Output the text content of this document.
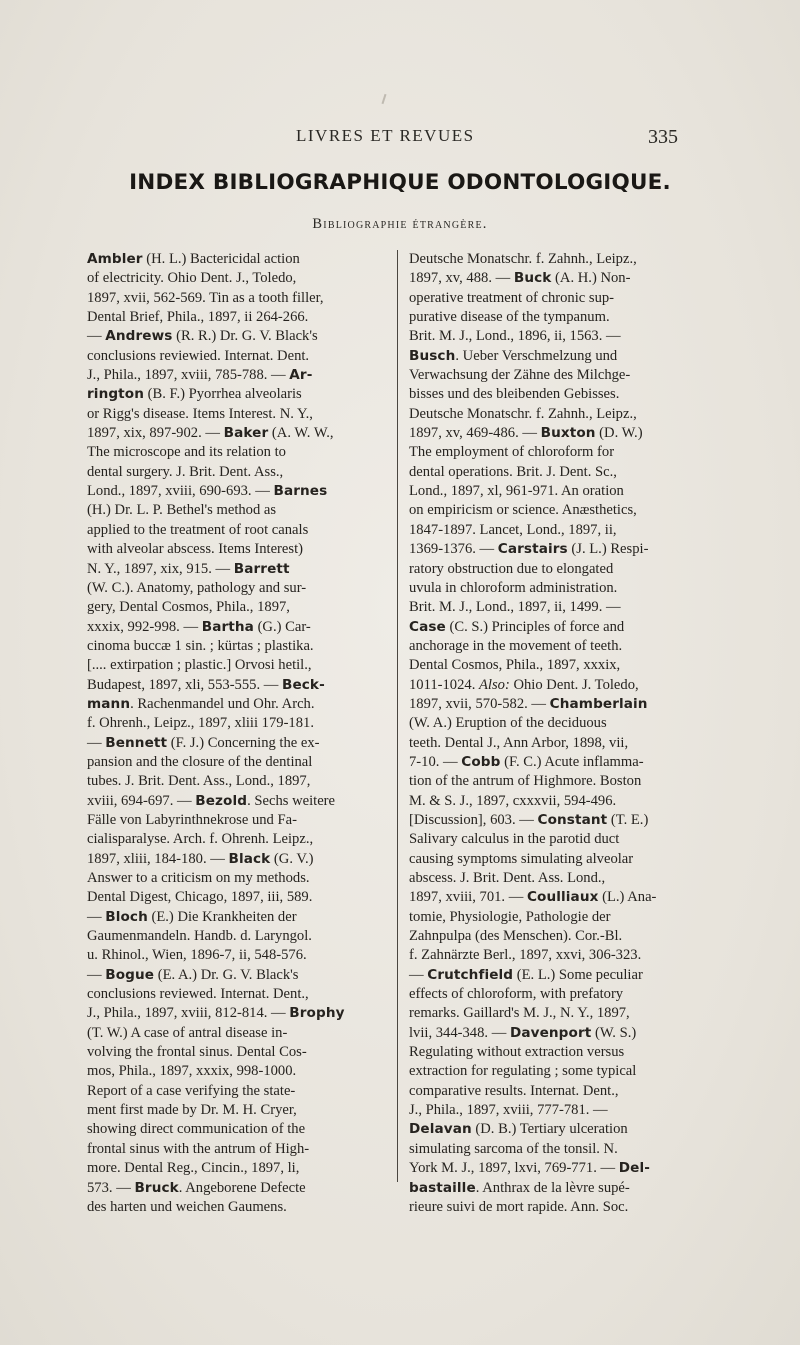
LIVRES ET REVUES	335
INDEX BIBLIOGRAPHIQUE ODONTOLOGIQUE.
Bibliographie étrangère.
Ambler (H. L.) Bactericidal action
of electricity. Ohio Dent. J., Toledo,
1897, xvii, 562-569. Tin as a tooth filler,
Dental Brief, Phila., 1897, ii 264-266.
— Andrews (R. R.) Dr. G. V. Black's
conclusions reviewied. Internat. Dent.
J., Phila., 1897, xviii, 785-788. — Ar-
rington (B. F.) Pyorrhea alveolaris
or Rigg's disease. Items Interest. N. Y.,
1897, xix, 897-902. — Baker (A. W. W.,
The microscope and its relation to
dental surgery. J. Brit. Dent. Ass.,
Lond., 1897, xviii, 690-693. — Barnes
(H.) Dr. L. P. Bethel's method as
applied to the treatment of root canals
with alveolar abscess. Items Interest)
N. Y., 1897, xix, 915. — Barrett
(W. C.). Anatomy, pathology and sur-
gery, Dental Cosmos, Phila., 1897,
xxxix, 992-998. — Bartha (G.) Car-
cinoma buccæ 1 sin. ; kürtas ; plastika.
[.... extirpation ; plastic.] Orvosi hetil.,
Budapest, 1897, xli, 553-555. — Beck-
mann. Rachenmandel und Ohr. Arch.
f. Ohrenh., Leipz., 1897, xliii 179-181.
— Bennett (F. J.) Concerning the ex-
pansion and the closure of the dentinal
tubes. J. Brit. Dent. Ass., Lond., 1897,
xviii, 694-697. — Bezold. Sechs weitere
Fälle von Labyrinthnekrose und Fa-
cialisparalyse. Arch. f. Ohrenh. Leipz.,
1897, xliii, 184-180. — Black (G. V.)
Answer to a criticism on my methods.
Dental Digest, Chicago, 1897, iii, 589.
— Bloch (E.) Die Krankheiten der
Gaumenmandeln. Handb. d. Laryngol.
u. Rhinol., Wien, 1896-7, ii, 548-576.
— Bogue (E. A.) Dr. G. V. Black's
conclusions reviewed. Internat. Dent.,
J., Phila., 1897, xviii, 812-814. — Brophy
(T. W.) A case of antral disease in-
volving the frontal sinus. Dental Cos-
mos, Phila., 1897, xxxix, 998-1000.
Report of a case verifying the state-
ment first made by Dr. M. H. Cryer,
showing direct communication of the
frontal sinus with the antrum of High-
more. Dental Reg., Cincin., 1897, li,
573. — Bruck. Angeborene Defecte
des harten und weichen Gaumens.
Deutsche Monatschr. f. Zahnh., Leipz.,
1897, xv, 488. — Buck (A. H.) Non-
operative treatment of chronic sup-
purative disease of the tympanum.
Brit. M. J., Lond., 1896, ii, 1563. —
Busch. Ueber Verschmelzung und
Verwachsung der Zähne des Milchge-
bisses und des bleibenden Gebisses.
Deutsche Monatschr. f. Zahnh., Leipz.,
1897, xv, 469-486. — Buxton (D. W.)
The employment of chloroform for
dental operations. Brit. J. Dent. Sc.,
Lond., 1897, xl, 961-971. An oration
on empiricism or science. Anæsthetics,
1847-1897. Lancet, Lond., 1897, ii,
1369-1376. — Carstairs (J. L.) Respi-
ratory obstruction due to elongated
uvula in chloroform administration.
Brit. M. J., Lond., 1897, ii, 1499. —
Case (C. S.) Principles of force and
anchorage in the movement of teeth.
Dental Cosmos, Phila., 1897, xxxix,
1011-1024. Also: Ohio Dent. J. Toledo,
1897, xvii, 570-582. — Chamberlain
(W. A.) Eruption of the deciduous
teeth. Dental J., Ann Arbor, 1898, vii,
7-10. — Cobb (F. C.) Acute inflamma-
tion of the antrum of Highmore. Boston
M. & S. J., 1897, cxxxvii, 594-496.
[Discussion], 603. — Constant (T. E.)
Salivary calculus in the parotid duct
causing symptoms simulating alveolar
abscess. J. Brit. Dent. Ass. Lond.,
1897, xviii, 701. — Coulliaux (L.) Ana-
tomie, Physiologie, Pathologie der
Zahnpulpa (des Menschen). Cor.-Bl.
f. Zahnärzte Berl., 1897, xxvi, 306-323.
— Crutchfield (E. L.) Some peculiar
effects of chloroform, with prefatory
remarks. Gaillard's M. J., N. Y., 1897,
lvii, 344-348. — Davenport (W. S.)
Regulating without extraction versus
extraction for regulating ; some typical
comparative results. Internat. Dent.,
J., Phila., 1897, xviii, 777-781. —
Delavan (D. B.) Tertiary ulceration
simulating sarcoma of the tonsil. N.
York M. J., 1897, lxvi, 769-771. — Del-
bastaille. Anthrax de la lèvre supé-
rieure suivi de mort rapide. Ann. Soc.
